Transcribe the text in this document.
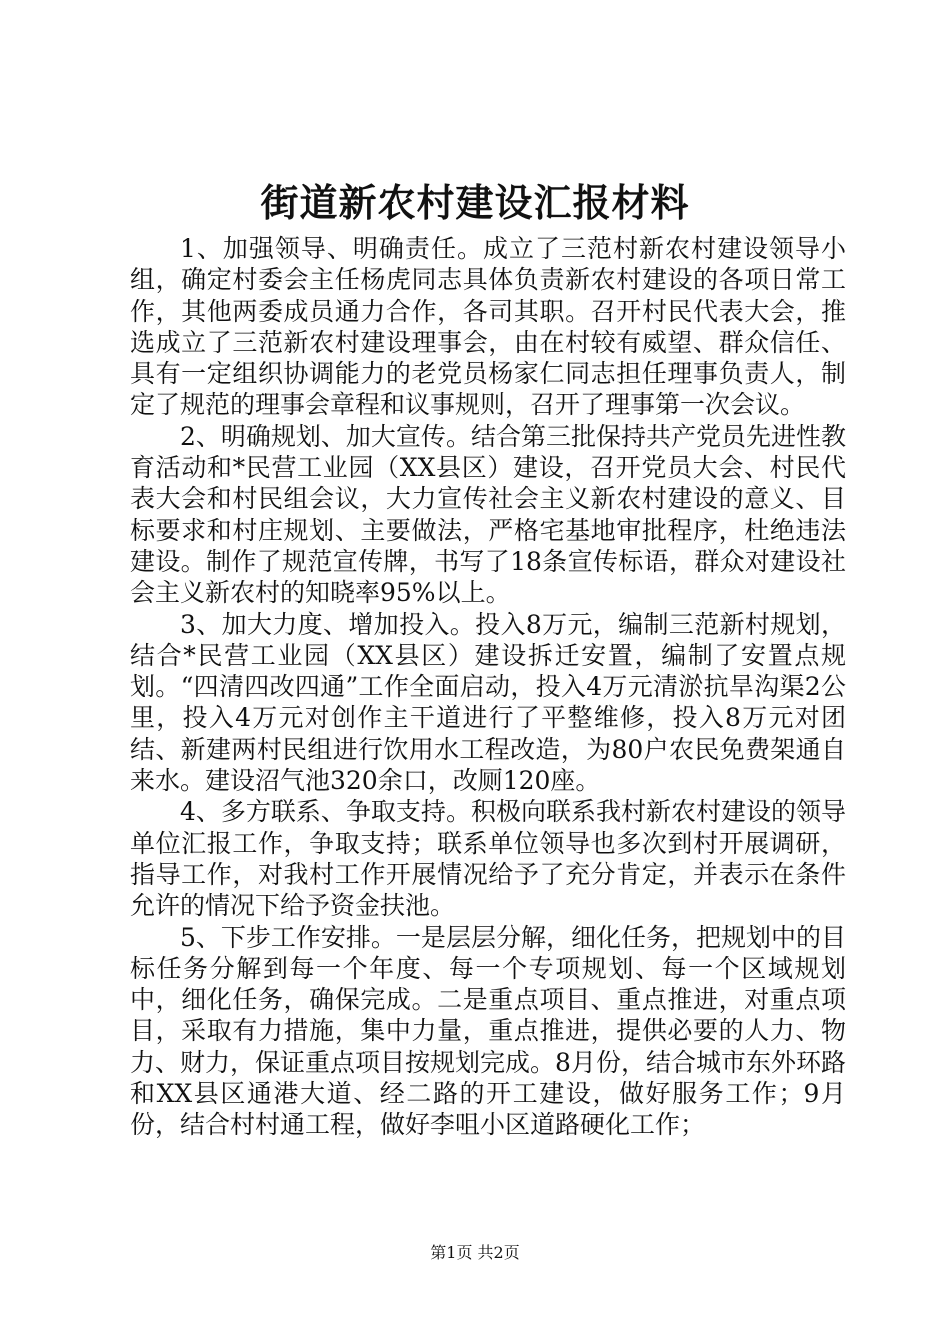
街道新农村建设汇报材料

1、加强领导、明确责任。成立了三范村新农村建设领导小组，确定村委会主任杨虎同志具体负责新农村建设的各项日常工作，其他两委成员通力合作，各司其职。召开村民代表大会，推选成立了三范新农村建设理事会，由在村较有威望、群众信任、具有一定组织协调能力的老党员杨家仁同志担任理事负责人，制定了规范的理事会章程和议事规则，召开了理事第一次会议。

2、明确规划、加大宣传。结合第三批保持共产党员先进性教育活动和*民营工业园（XX县区）建设，召开党员大会、村民代表大会和村民组会议，大力宣传社会主义新农村建设的意义、目标要求和村庄规划、主要做法，严格宅基地审批程序，杜绝违法建设。制作了规范宣传牌，书写了18条宣传标语，群众对建设社会主义新农村的知晓率95%以上。

3、加大力度、增加投入。投入8万元，编制三范新村规划，结合*民营工业园（XX县区）建设拆迁安置，编制了安置点规划。“四清四改四通”工作全面启动，投入4万元清淤抗旱沟渠2公里，投入4万元对创作主干道进行了平整维修，投入8万元对团结、新建两村民组进行饮用水工程改造，为80户农民免费架通自来水。建设沼气池320余口，改厕120座。

4、多方联系、争取支持。积极向联系我村新农村建设的领导单位汇报工作，争取支持；联系单位领导也多次到村开展调研，指导工作，对我村工作开展情况给予了充分肯定，并表示在条件允许的情况下给予资金扶池。

5、下步工作安排。一是层层分解，细化任务，把规划中的目标任务分解到每一个年度、每一个专项规划、每一个区域规划中，细化任务，确保完成。二是重点项目、重点推进，对重点项目，采取有力措施，集中力量，重点推进，提供必要的人力、物力、财力，保证重点项目按规划完成。8月份，结合城市东外环路和XX县区通港大道、经二路的开工建设，做好服务工作；9月份，结合村村通工程，做好李咀小区道路硬化工作；

第1页 共2页
